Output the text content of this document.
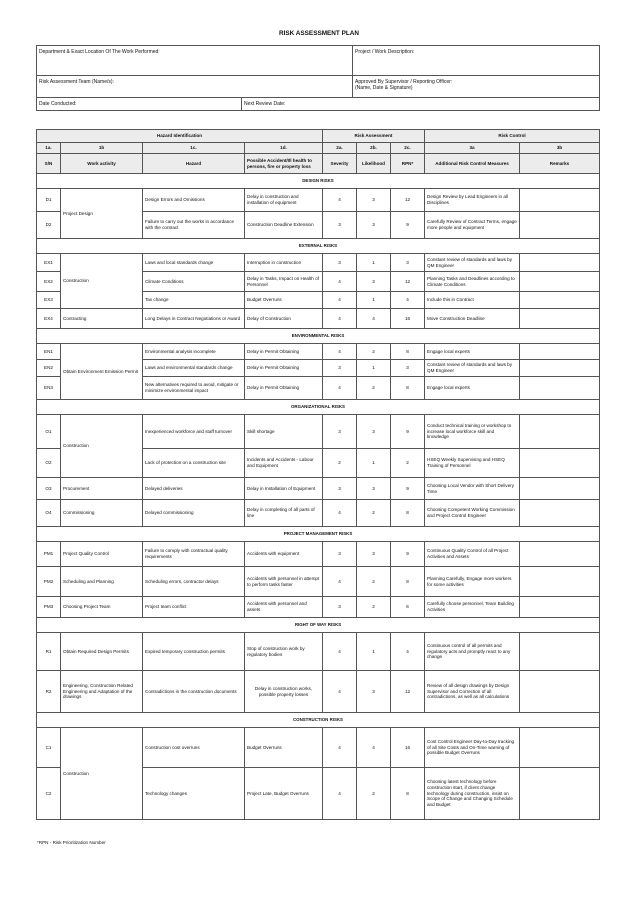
RISK ASSESSMENT PLAN
Department & Exact Location Of The Work Performed:		Project / Work Description:
Risk Assessment Team (Name/s):		Approved By Supervisor / Reporting Officer:
(Name, Date & Signature)
Date Conducted:	Next Review Date:	
Hazard Identification				Risk Assessment			Risk Control	
1a.	1b	1c.	1d.	2a.	2b.	2c.	3a	3b
S/N	Work activity	Hazard	Possible Accident/Ill health to persons, fire or property loss	Severity	Likelihood	RPN*	Additional Risk Control Measures	Remarks
DESIGN RISKS								
D1	Project Design	Design Errors and Omissions	Delay in construction and installation of equipment	4	3	12	Design Review by Lead Engineers in all Disciplines	
D2		Failure to carry out the works in accordance with the contract	Construction Deadline Extension	3	3	9	Carefully Review of Contract Terms, engage more people and equipment	
EXTERNAL RISKS								
EX1	Construction	Laws and local standards change	Interruption in construction	3	1	3	Constant review of standards and laws by QM Engineer	
EX2		Climate Conditions	Delay in Tasks, Impact on Health of Personnel	4	3	12	Planning Tasks and Deadlines according to Climate Conditions	
EX3		Tax change	Budget Overruns	4	1	4	Include this in Contract	
EX4	Contracting	Long Delays in Contract Negotiations or Award	Delay of Construction	4	4	16	Move Construction Deadline	
ENVIRONMENTAL RISKS								
EN1	Obtain Environment Emission Permit	Environmental analysis incomplete	Delay in Permit Obtaining	4	2	8	Engage local experts	
EN2		Laws and environmental standards change	Delay in Permit Obtaining	3	1	3	Constant review of standards and laws by QM Engineer	
EN3		New alternatives required to avoid, mitigate or minimize environmental impact	Delay in Permit Obtaining	4	2	8	Engage local experts	
ORGANIZATIONAL RISKS								
O1	Construction	Inexperienced workforce and staff turnover	Skill shortage	3	3	9	Conduct technical training or workshop to increase local workforce skill and knowledge	
O2		Lack of protection on a construction site	Incidents and Accidents - Labour and Equipment	2	1	2	HSEQ Weekly Supervising and HSEQ Training of Personnel	
O3	Procurement	Delayed deliveries	Delay in Installation of Equipment	3	3	9	Choosing Local Vendor with Short Delivery Time	
O4	Commissioning	Delayed commissioning	Delay in completing of all parts of line	4	2	8	Choosing Competent Working Commission and Project Control Engineer	
PROJECT MANAGEMENT RISKS								
PM1	Project Quality Control	Failure to comply with contractual quality requirements	Accidents with equipment	3	3	9	Continuous Quality Control of all Project Activities and Assets	
PM2	Scheduling and Planning	Scheduling errors, contractor delays	Accidents with personnel in attempt to perform tasks faster	4	2	8	Planning Carefully, Engage more workers for some activities	
PM3	Choosing Project Team	Project team conflict	Accidents with personnel and assets	3	2	6	Carefully choose personnel, Team Building Activities	
RIGHT OF WAY RISKS								
R1	Obtain Required Design Permits	Expired temporary construction permits	Stop of construction work by regulatory bodies	4	1	4	Continuous control of all permits and regulatory acts and promptly react to any change	
R2	Engineering, Construction Related Engineering and Adaptation of the drawings	Contradictions in the construction documents	Delay in construction works, possible property losses	4	3	12	Review of all design drawings by Design Supervisor and Correction of all contradictions, as well as all calculations	
CONSTRUCTION RISKS								
C1	Construction	Construction cost overruns	Budget Overruns	4	4	16	Cost Control Engineer Day-to-Day tracking of all Site Costs and On-Time warning of possible Budget Overruns	
C2		Technology changes	Project Late, Budget Overruns	4	2	8	Choosing latest technology before construction start, if client change technology during construction, insist on Scope of Change and Changing Schedule and Budget	
*RPN - Risk Prioritization Number
